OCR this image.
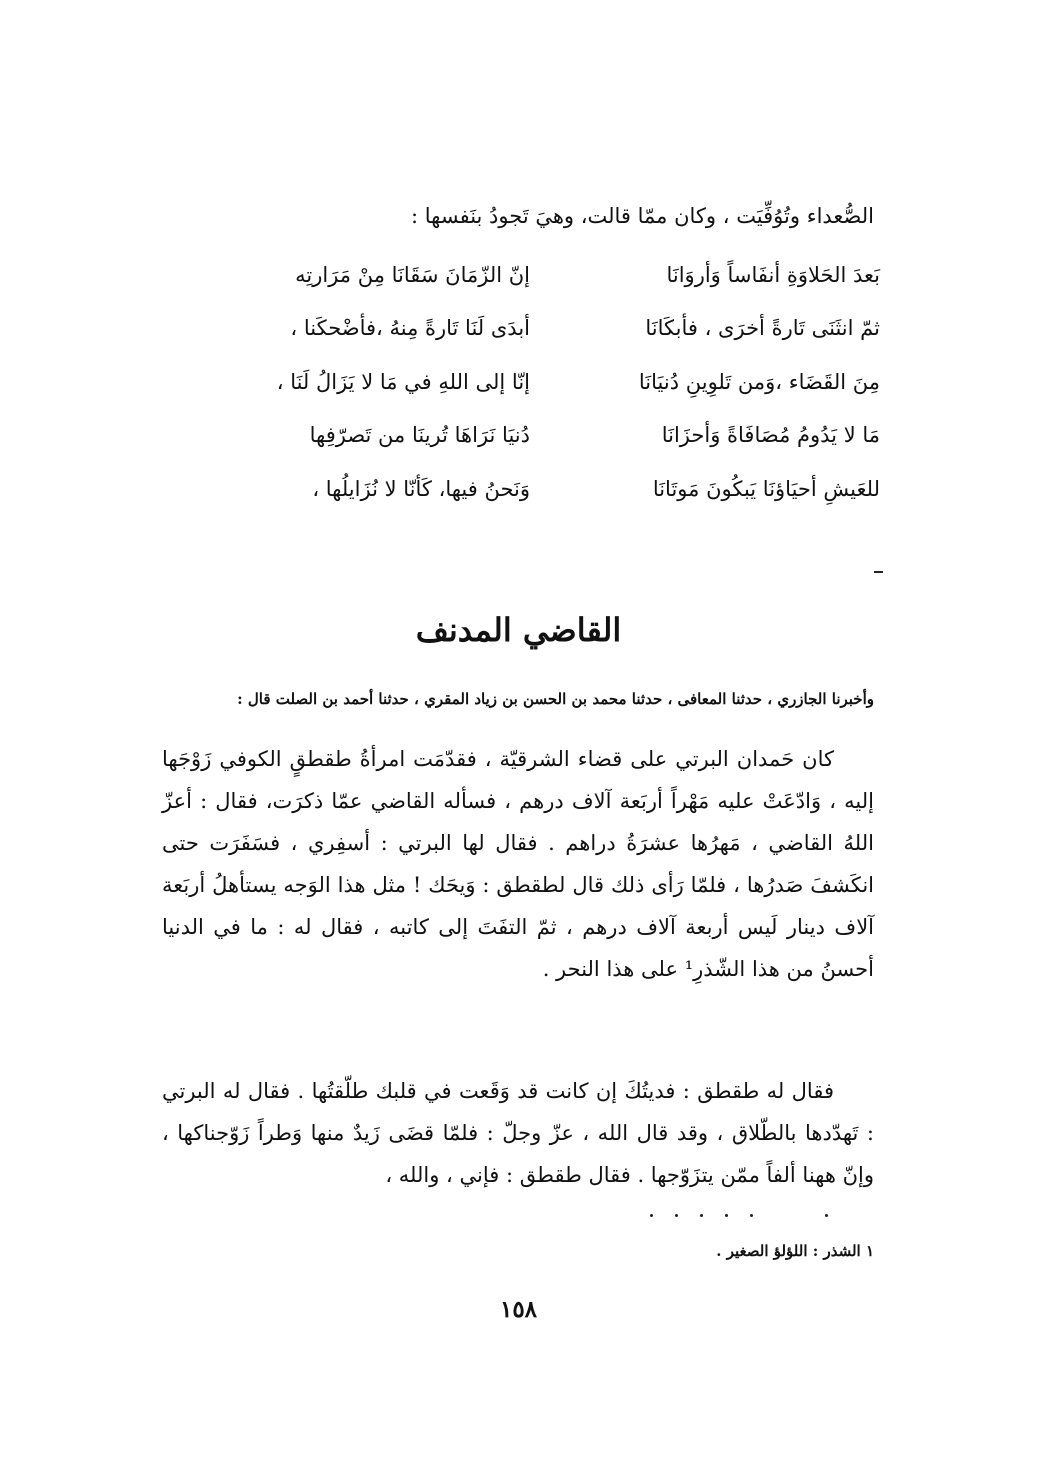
الصُّعداء وتُوُفِّيَت ، وكان ممّا قالت، وهيَ تَجودُ بنَفسها :
إنّ الزّمَانَ سَقَانَا مِنْ مَرَارتِه	بَعدَ الحَلاوَةِ أنفَاساً وَأروَانَا
أبدَى لَنَا تَارةً مِنهُ ،فأضْحكَنا ،	ثمّ انثَنَى تَارةً أخرَى ، فأبكَانَا
إنّا إلى اللهِ في مَا لا يَزَالُ لَنَا ،	مِنَ القَضَاء ،وَمن تَلوِينِ دُنيَانَا
دُنيَا نَرَاهَا تُرينَا من تَصرّفِها	مَا لا يَدُومُ مُصَافَاةً وَأحزَانَا
وَنَحنُ فيها، كَأنّا لا نُزَايلُها ،	للعَيشِ أحيَاؤنَا يَبكُونَ مَوتَانَا
القاضي المدنف
وأخبرنا الجازري ، حدثنا المعافى ، حدثنا محمد بن الحسن بن زياد المقري ، حدثنا أحمد بن الصلت قال :
كان حَمدان البرتي على قضاء الشرقيّة ، فقدّمَت امرأةُ طقطقٍ الكوفي زَوْجَها إليه ، وَادّعَتْ عليه مَهْراً أربَعة آلاف درهم ، فسأله القاضي عمّا ذكرَت، فقال : أعزّ اللهُ القاضي ، مَهرُها عشرَةُ دراهم . فقال لها البرتي : أسفِري ، فسَفَرَت حتى انكَشفَ صَدرُها ، فلمّا رَأى ذلك قال لطقطق : وَيحَك ! مثل هذا الوَجه يستأهلُ أربَعة آلاف دينار لَيس أربعة آلاف درهم ، ثمّ التفَتَ إلى كاتبه ، فقال له : ما في الدنيا أحسنُ من هذا الشّذرِ¹ على هذا النحر .
فقال له طقطق : فديتُكَ إن كانت قد وَقَعت في قلبك طلّقتُها . فقال له البرتي : تَهدّدها بالطّلاق ، وقد قال الله ، عزّ وجلّ : فلمّا قضَى زَيدٌ منها وَطراً زَوّجناكها ، وإنّ ههنا ألفاً ممّن يتزَوّجها . فقال طقطق : فإني ، والله ،
١ الشذر : اللؤلؤ الصغير .
١٥٨
